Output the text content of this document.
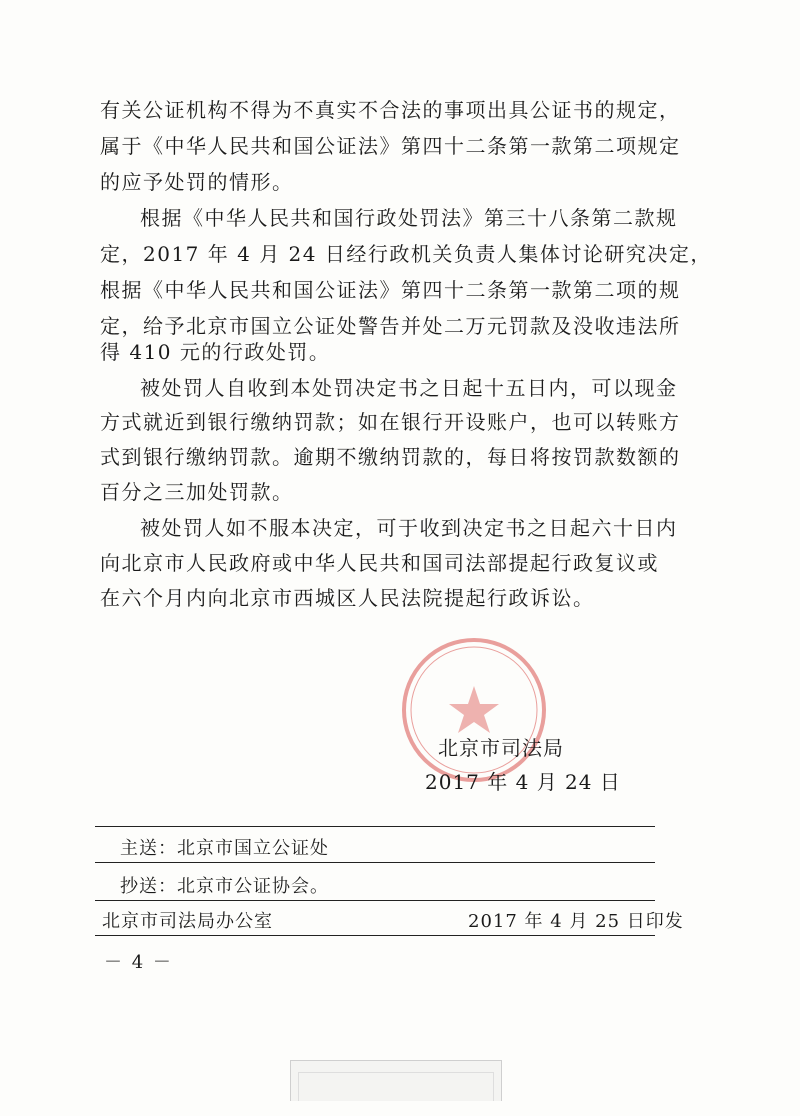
有关公证机构不得为不真实不合法的事项出具公证书的规定，
属于《中华人民共和国公证法》第四十二条第一款第二项规定
的应予处罚的情形。
根据《中华人民共和国行政处罚法》第三十八条第二款规
定，2017 年 4 月 24 日经行政机关负责人集体讨论研究决定，
根据《中华人民共和国公证法》第四十二条第一款第二项的规
定，给予北京市国立公证处警告并处二万元罚款及没收违法所
得 410 元的行政处罚。
被处罚人自收到本处罚决定书之日起十五日内，可以现金
方式就近到银行缴纳罚款；如在银行开设账户，也可以转账方
式到银行缴纳罚款。逾期不缴纳罚款的，每日将按罚款数额的
百分之三加处罚款。
被处罚人如不服本决定，可于收到决定书之日起六十日内
向北京市人民政府或中华人民共和国司法部提起行政复议或
在六个月内向北京市西城区人民法院提起行政诉讼。
北京市司法局
2017 年 4 月 24 日
主送：北京市国立公证处
抄送：北京市公证协会。
北京市司法局办公室	2017 年 4 月 25 日印发
－ 4 －
